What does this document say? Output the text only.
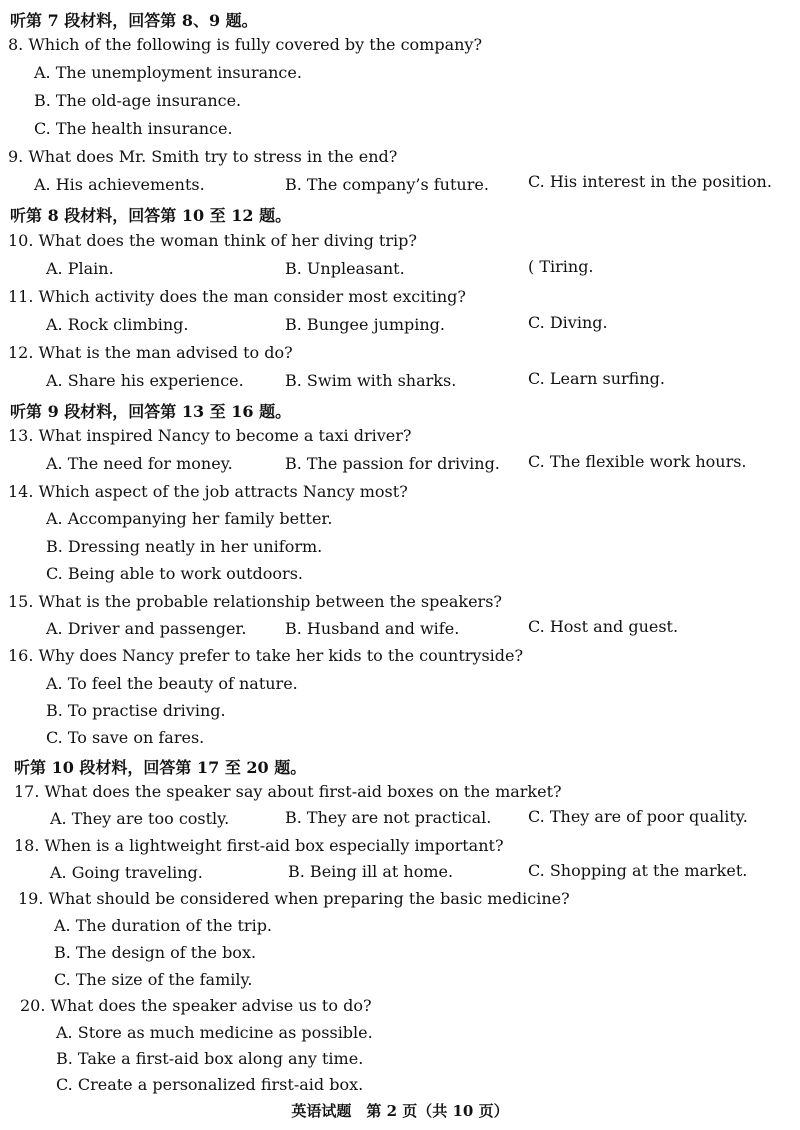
听第 7 段材料，回答第 8、9 题。
8. Which of the following is fully covered by the company?
A. The unemployment insurance.
B. The old-age insurance.
C. The health insurance.
9. What does Mr. Smith try to stress in the end?
A. His achievements.	B. The company’s future. C. His interest in the position.
听第 8 段材料，回答第 10 至 12 题。
10. What does the woman think of her diving trip?
A. Plain.	B. Unpleasant.	( Tiring.
11. Which activity does the man consider most exciting?
A. Rock climbing.	B. Bungee jumping.	C. Diving.
12. What is the man advised to do?
A. Share his experience.	B. Swim with sharks.	C. Learn surfing.
听第 9 段材料，回答第 13 至 16 题。
13. What inspired Nancy to become a taxi driver?
A. The need for money.	B. The passion for driving. C. The flexible work hours.
14. Which aspect of the job attracts Nancy most?
A. Accompanying her family better.
B. Dressing neatly in her uniform.
C. Being able to work outdoors.
15. What is the probable relationship between the speakers?
A. Driver and passenger. B. Husband and wife.	C. Host and guest.
16. Why does Nancy prefer to take her kids to the countryside?
A. To feel the beauty of nature.
B. To practise driving.
C. To save on fares.
听第 10 段材料，回答第 17 至 20 题。
17. What does the speaker say about first-aid boxes on the market?
A. They are too costly.	B. They are not practical. C. They are of poor quality.
18. When is a lightweight first-aid box especially important?
A. Going traveling.	B. Being ill at home.	C. Shopping at the market.
19. What should be considered when preparing the basic medicine?
A. The duration of the trip.
B. The design of the box.
C. The size of the family.
20. What does the speaker advise us to do?
A. Store as much medicine as possible.
B. Take a first-aid box along any time.
C. Create a personalized first-aid box.
英语试题　第 2 页（共 10 页）
